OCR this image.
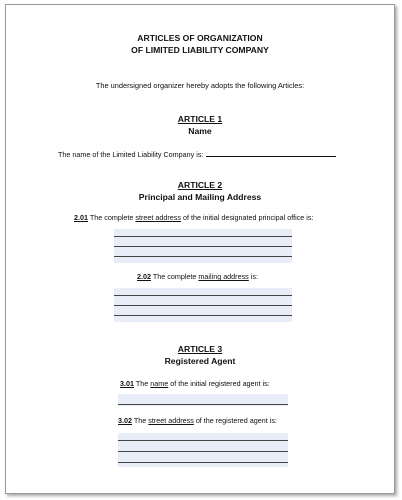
ARTICLES OF ORGANIZATION
OF LIMITED LIABILITY COMPANY
The undersigned organizer hereby adopts the following Articles:
ARTICLE 1
Name
The name of the Limited Liability Company is:
ARTICLE 2
Principal and Mailing Address
2.01 The complete street address of the initial designated principal office is:
2.02 The complete mailing address is:
ARTICLE 3
Registered Agent
3.01 The name of the initial registered agent is:
3.02 The street address of the registered agent is:
